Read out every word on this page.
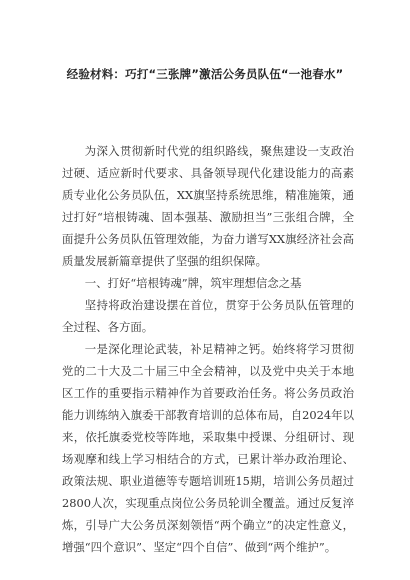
经验材料：巧打“三张牌”激活公务员队伍“一池春水”

为深入贯彻新时代党的组织路线，聚焦建设一支政治过硬、适应新时代要求、具备领导现代化建设能力的高素质专业化公务员队伍，XX旗坚持系统思维，精准施策，通过打好“培根铸魂、固本强基、激励担当”三张组合牌，全面提升公务员队伍管理效能，为奋力谱写XX旗经济社会高质量发展新篇章提供了坚强的组织保障。

一、打好“培根铸魂”牌，筑牢理想信念之基

坚持将政治建设摆在首位，贯穿于公务员队伍管理的全过程、各方面。

一是深化理论武装，补足精神之钙。始终将学习贯彻党的二十大及二十届三中全会精神，以及党中央关于本地区工作的重要指示精神作为首要政治任务。将公务员政治能力训练纳入旗委干部教育培训的总体布局，自2024年以来，依托旗委党校等阵地，采取集中授课、分组研讨、现场观摩和线上学习相结合的方式，已累计举办政治理论、政策法规、职业道德等专题培训班15期，培训公务员超过2800人次，实现重点岗位公务员轮训全覆盖。通过反复淬炼，引导广大公务员深刻领悟“两个确立”的决定性意义，增强“四个意识”、坚定“四个自信”、做到“两个维护”。
